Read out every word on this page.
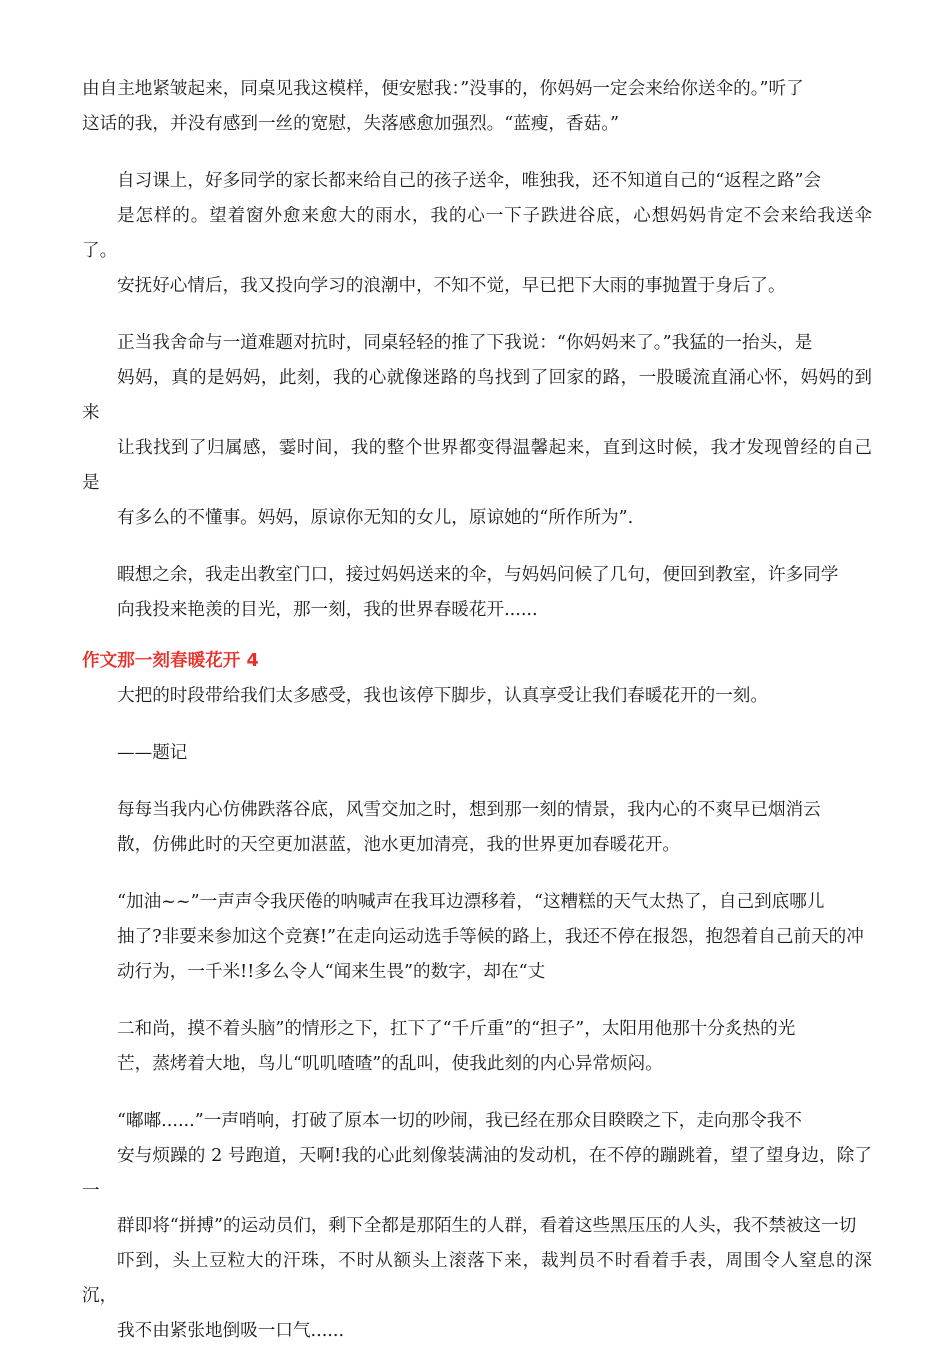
由自主地紧皱起来，同桌见我这模样，便安慰我：”没事的，你妈妈一定会来给你送伞的。”听了
这话的我，并没有感到一丝的宽慰，失落感愈加强烈。“蓝瘦，香菇。”
自习课上，好多同学的家长都来给自己的孩子送伞，唯独我，还不知道自己的“返程之路”会
是怎样的。望着窗外愈来愈大的雨水，我的心一下子跌进谷底，心想妈妈肯定不会来给我送伞了。
安抚好心情后，我又投向学习的浪潮中，不知不觉，早已把下大雨的事抛置于身后了。
正当我舍命与一道难题对抗时，同桌轻轻的推了下我说：“你妈妈来了。”我猛的一抬头，是
妈妈，真的是妈妈，此刻，我的心就像迷路的鸟找到了回家的路，一股暖流直涌心怀，妈妈的到来
让我找到了归属感，霎时间，我的整个世界都变得温馨起来，直到这时候，我才发现曾经的自己是
有多么的不懂事。妈妈，原谅你无知的女儿，原谅她的“所作所为”.
暇想之余，我走出教室门口，接过妈妈送来的伞，与妈妈问候了几句，便回到教室，许多同学
向我投来艳羡的目光，那一刻，我的世界春暖花开......
作文那一刻春暖花开 4
大把的时段带给我们太多感受，我也该停下脚步，认真享受让我们春暖花开的一刻。
——题记
每每当我内心仿佛跌落谷底，风雪交加之时，想到那一刻的情景，我内心的不爽早已烟消云
散，仿佛此时的天空更加湛蓝，池水更加清亮，我的世界更加春暖花开。
“加油~~”一声声令我厌倦的呐喊声在我耳边漂移着，“这糟糕的天气太热了，自己到底哪儿
抽了?非要来参加这个竞赛!”在走向运动选手等候的路上，我还不停在报怨，抱怨着自己前天的冲
动行为，一千米!!多么令人“闻来生畏”的数字，却在“丈
二和尚，摸不着头脑”的情形之下，扛下了“千斤重”的“担子”，太阳用他那十分炙热的光
芒，蒸烤着大地，鸟儿“叽叽喳喳”的乱叫，使我此刻的内心异常烦闷。
“嘟嘟......”一声哨响，打破了原本一切的吵闹，我已经在那众目睽睽之下，走向那令我不
安与烦躁的 2 号跑道，天啊!我的心此刻像装满油的发动机，在不停的蹦跳着，望了望身边，除了一
群即将“拼搏”的运动员们，剩下全都是那陌生的人群，看着这些黑压压的人头，我不禁被这一切
吓到，头上豆粒大的汗珠，不时从额头上滚落下来，裁判员不时看着手表，周围令人窒息的深沉，
我不由紧张地倒吸一口气......
